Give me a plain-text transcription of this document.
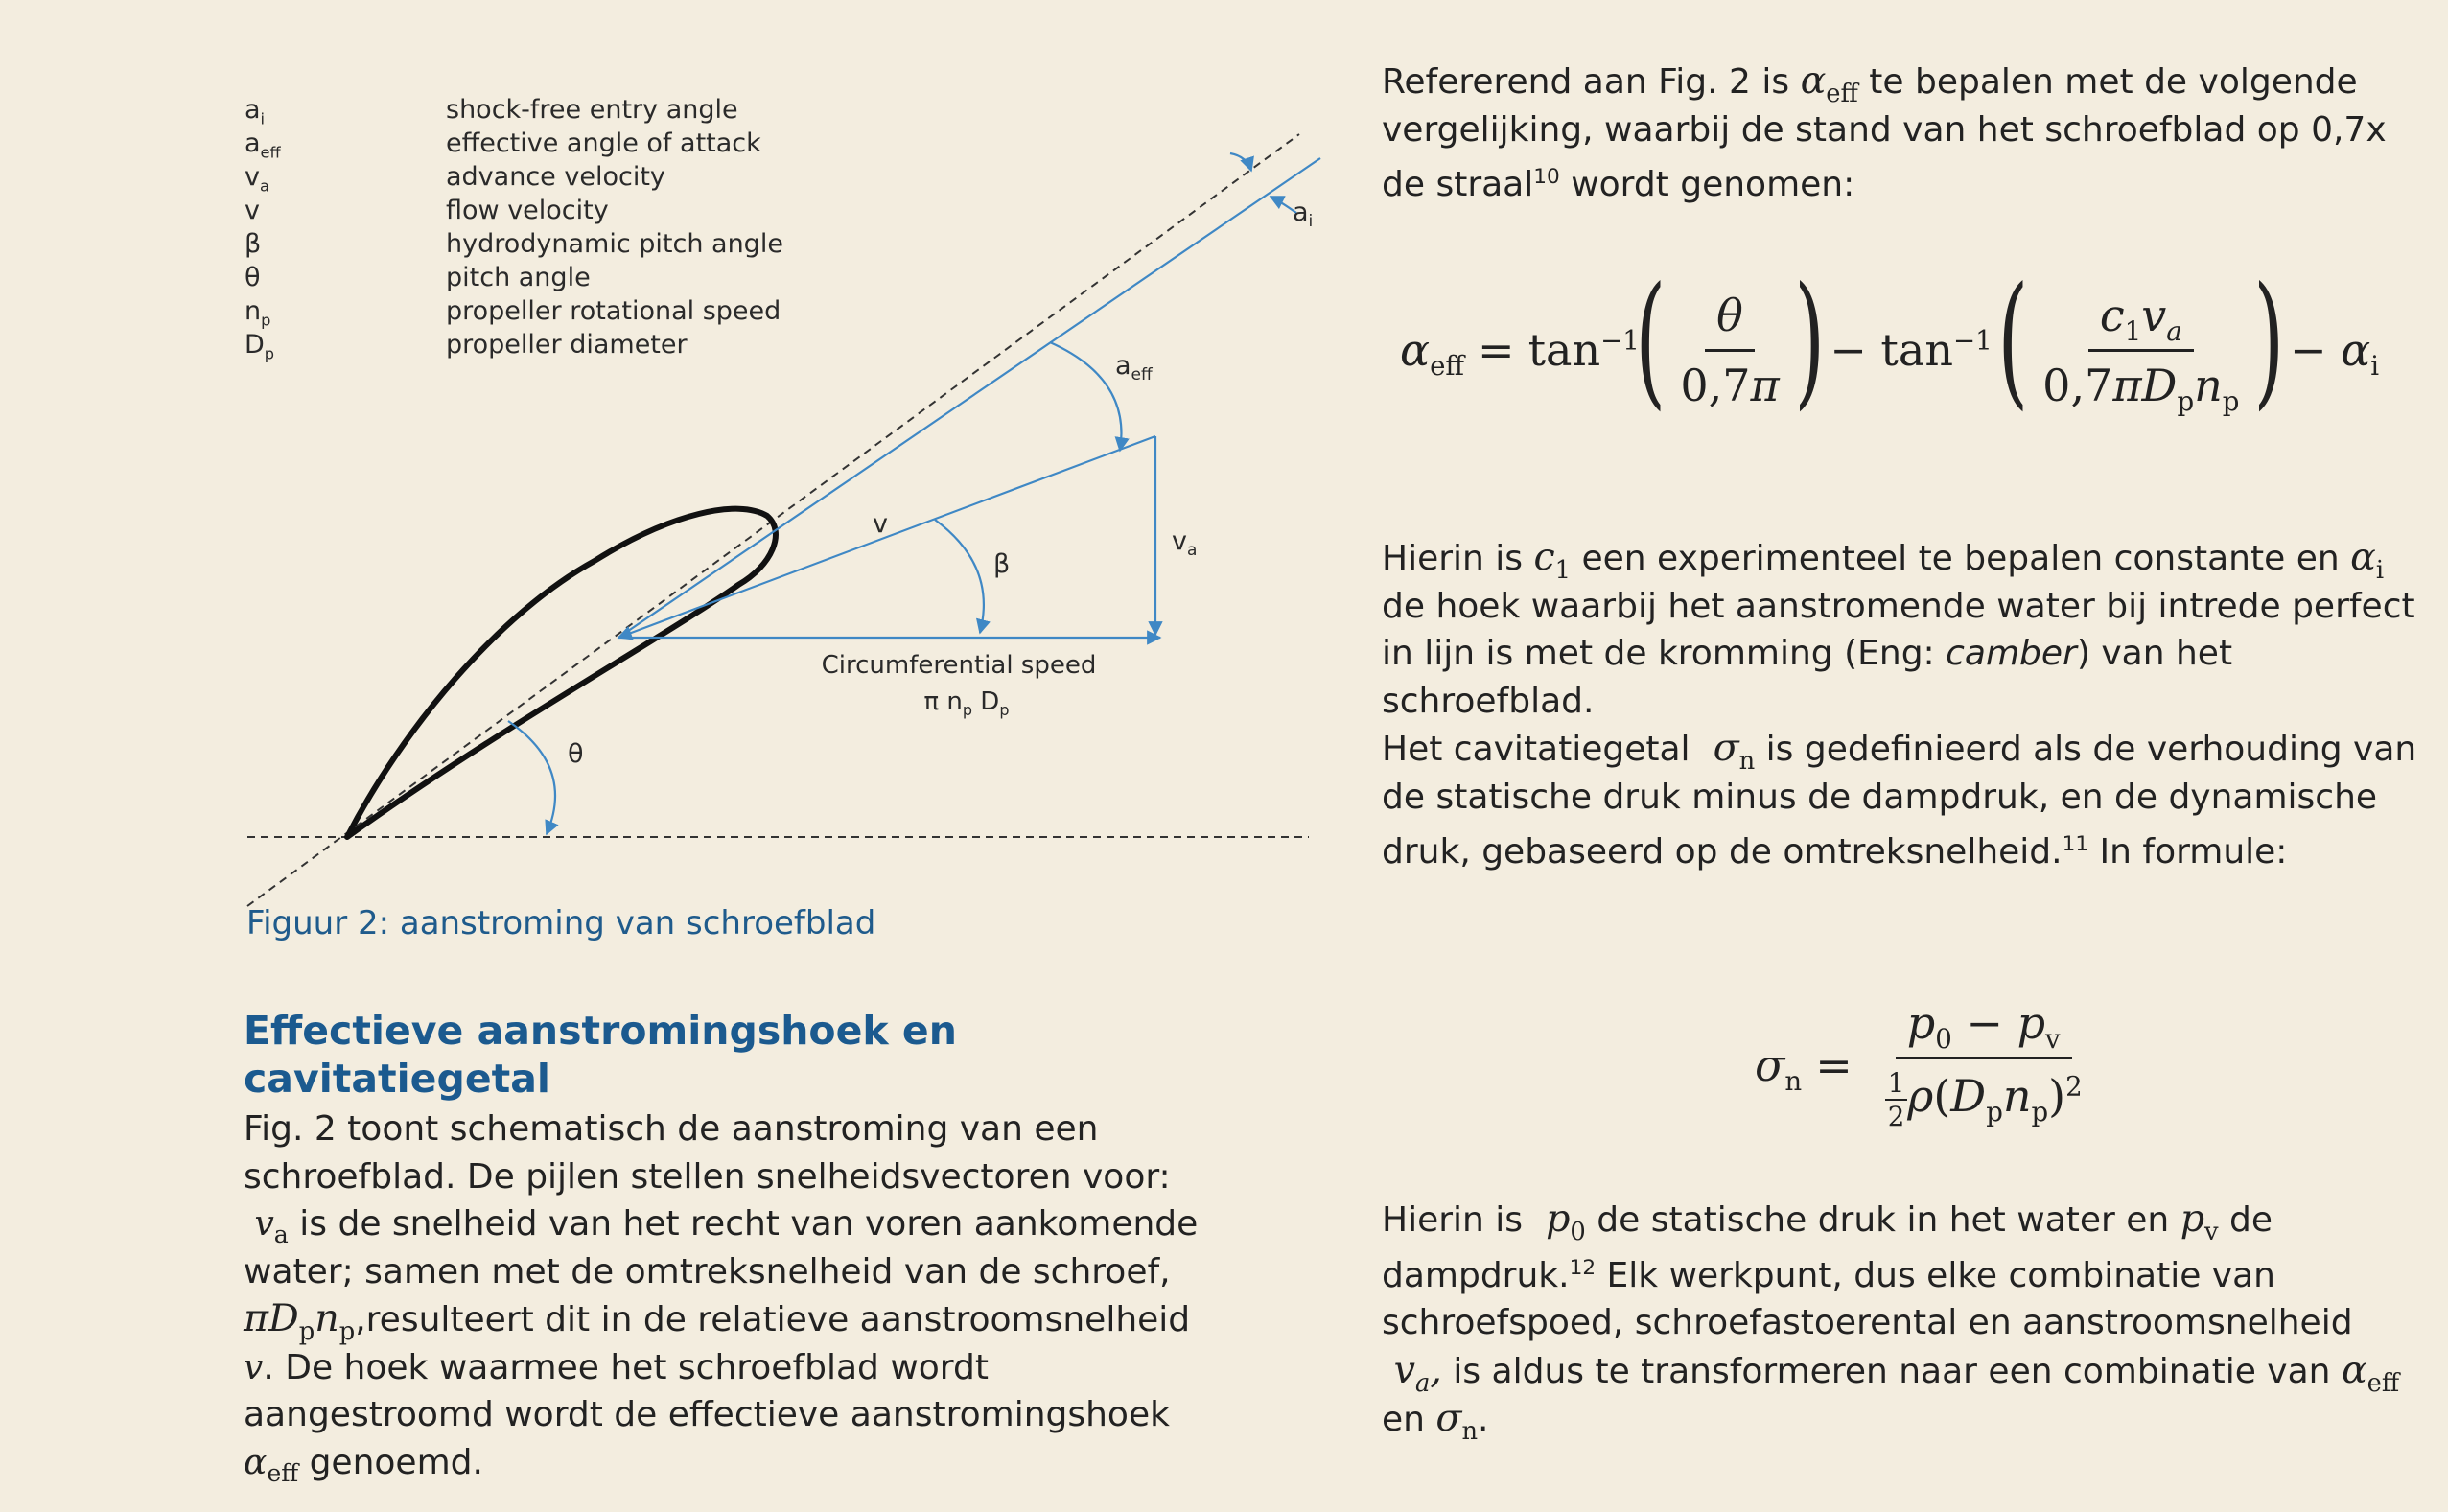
$a_i$	shock-free entry angle
$a_{eff}$	effective angle of attack
$v_a$	advance velocity
v	flow velocity
β	hydrodynamic pitch angle
θ	pitch angle
$n_p$	propeller rotational speed
$D_p$	propeller diameter
$a_i$
$a_{eff}$
v
β
$v_a$
θ
Circumferential speed
π $n_p$ $D_p$
Figuur 2: aanstroming van schroefblad
Effectieve aanstromingshoek en cavitatiegetal

Fig. 2 toont schematisch de aanstroming van een schroefblad. De pijlen stellen snelheidsvectoren voor:  $v_a$ is de snelheid van het recht van voren aankomende water; samen met de omtreksnelheid van de schroef,
$\pi D_pn_p,resulteert$ dit in de relatieve aanstroomsnelheid v. De hoek waarmee het schroefblad wordt aangestroomd wordt de effectieve aanstromingshoek $\alpha_{eff}$ genoemd.

Refererend aan Fig. 2 is $\alpha_{eff}$ te bepalen met de volgende vergelijking, waarbij de stand van het schroefblad op 0,7x de straal$^{10}$ wordt genomen:

$\alpha_{eff} = \tan^{-1}$
( $\frac{\theta}{0,7\pi}$ ) − $\tan^{-1}$ ( $\frac{c_1v_a}{0,7\pi D_pn_p}$ ) − $\alpha_i$

Hierin is $c_1$ een experimenteel te bepalen constante en $\alpha_i$ de hoek waarbij het aanstromende water bij intrede perfect in lijn is met de kromming (Eng: camber) van het schroefblad.

Het cavitatiegetal  $\sigma_n$ is gedefinieerd als de verhouding van de statische druk minus de dampdruk, en de dynamische druk, gebaseerd op de omtreksnelheid.$^{11}$ In formule:

$\sigma_n = \frac{p_0 - p_v}{\frac{1}{2} \rho(D_pn_p)^2}$

Hierin is  $p_0$ de statische druk in het water en $p_v$ de dampdruk.$^{12}$ Elk werkpunt, dus elke combinatie van schroefspoed, schroefastoerental en aanstroomsnelheid  $v_a$, is aldus te transformeren naar een combinatie van $\alpha_{eff}$ en $\sigma_n$.
